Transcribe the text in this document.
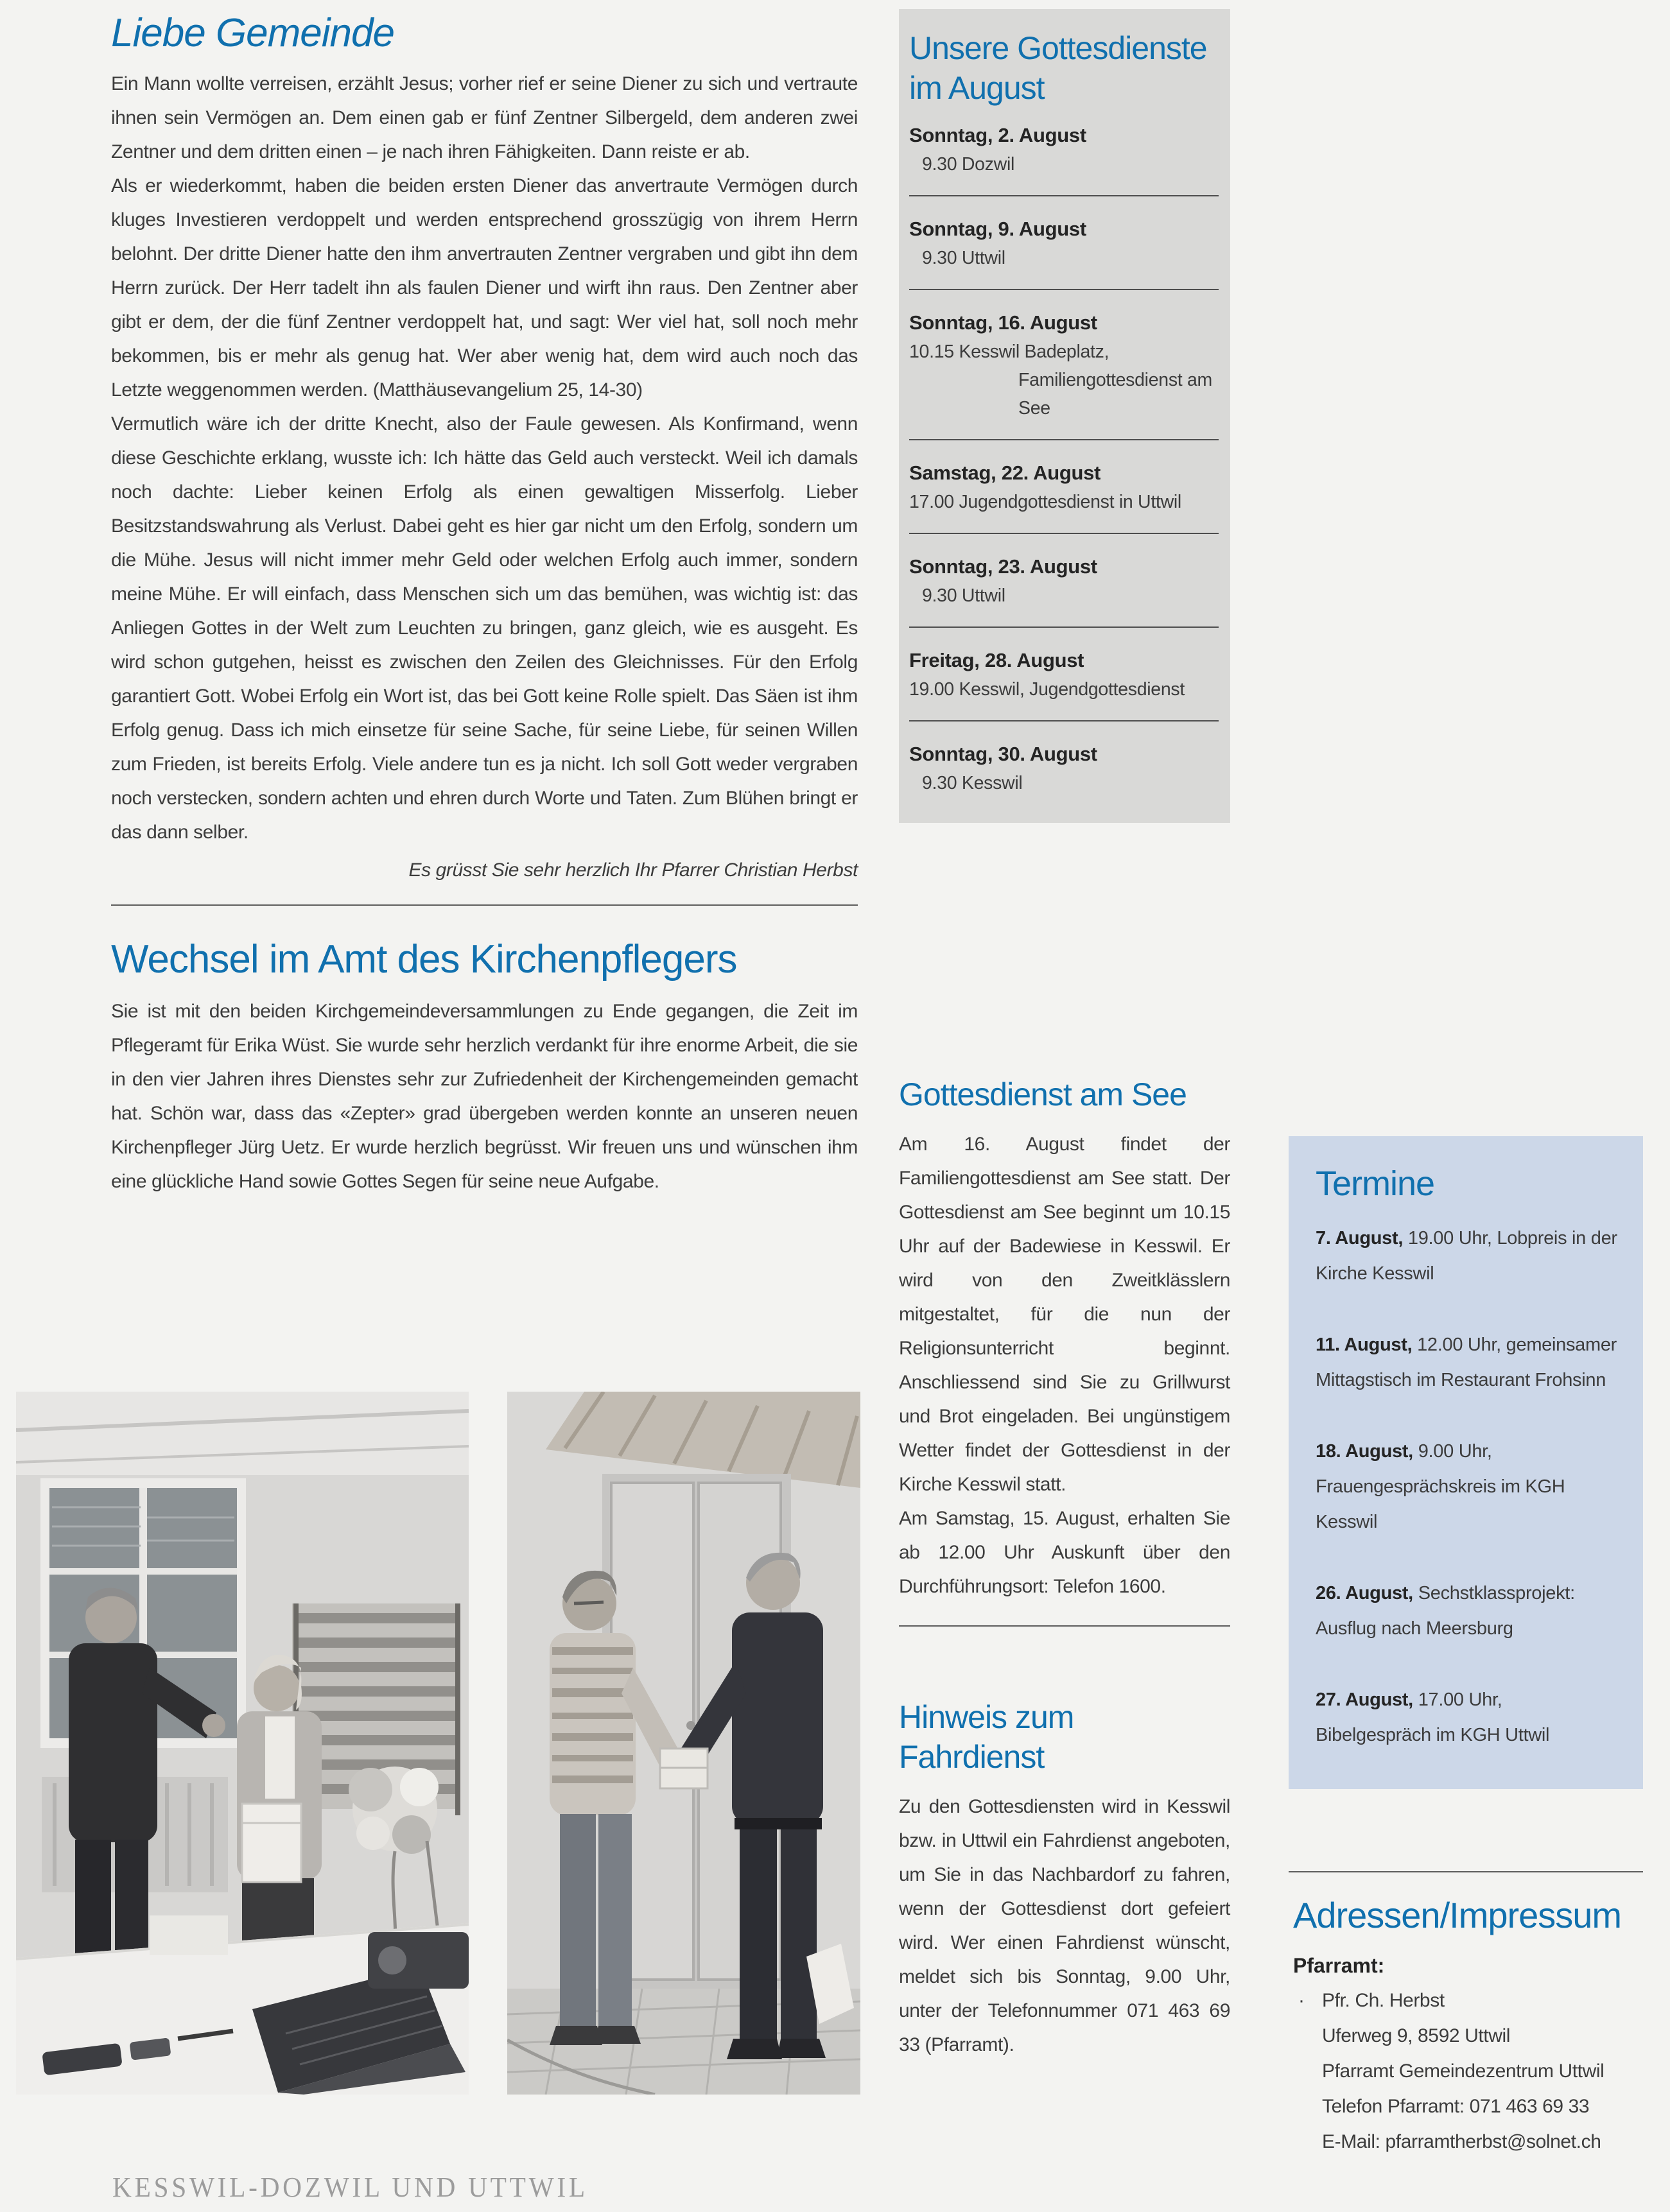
Liebe Gemeinde

Ein Mann wollte verreisen, erzählt Jesus; vorher rief er seine Diener zu sich und vertraute ihnen sein Vermögen an. Dem einen gab er fünf Zentner Silbergeld, dem anderen zwei Zentner und dem dritten einen – je nach ihren Fähigkeiten. Dann reiste er ab.

Als er wiederkommt, haben die beiden ersten Diener das anvertraute Vermögen durch kluges Investieren verdoppelt und werden entsprechend grosszügig von ihrem Herrn belohnt. Der dritte Diener hatte den ihm anvertrauten Zentner vergraben und gibt ihn dem Herrn zurück. Der Herr tadelt ihn als faulen Diener und wirft ihn raus. Den Zentner aber gibt er dem, der die fünf Zentner verdoppelt hat, und sagt: Wer viel hat, soll noch mehr bekommen, bis er mehr als genug hat. Wer aber wenig hat, dem wird auch noch das Letzte weggenommen werden. (Matthäusevangelium 25, 14-30)

Vermutlich wäre ich der dritte Knecht, also der Faule gewesen. Als Konfirmand, wenn diese Geschichte erklang, wusste ich: Ich hätte das Geld auch versteckt. Weil ich damals noch dachte: Lieber keinen Erfolg als einen gewaltigen Misserfolg. Lieber Besitzstandswahrung als Verlust. Dabei geht es hier gar nicht um den Erfolg, sondern um die Mühe. Jesus will nicht immer mehr Geld oder welchen Erfolg auch immer, sondern meine Mühe. Er will einfach, dass Menschen sich um das bemühen, was wichtig ist: das Anliegen Gottes in der Welt zum Leuchten zu bringen, ganz gleich, wie es ausgeht. Es wird schon gutgehen, heisst es zwischen den Zeilen des Gleichnisses. Für den Erfolg garantiert Gott. Wobei Erfolg ein Wort ist, das bei Gott keine Rolle spielt. Das Säen ist ihm Erfolg genug. Dass ich mich einsetze für seine Sache, für seine Liebe, für seinen Willen zum Frieden, ist bereits Erfolg. Viele andere tun es ja nicht. Ich soll Gott weder vergraben noch verstecken, sondern achten und ehren durch Worte und Taten. Zum Blühen bringt er das dann selber.

Es grüsst Sie sehr herzlich Ihr Pfarrer Christian Herbst

Wechsel im Amt des Kirchenpflegers

Sie ist mit den beiden Kirchgemeindeversammlungen zu Ende gegangen, die Zeit im Pflegeramt für Erika Wüst. Sie wurde sehr herzlich verdankt für ihre enorme Arbeit, die sie in den vier Jahren ihres Dienstes sehr zur Zufriedenheit der Kirchengemeinden gemacht hat. Schön war, dass das «Zepter» grad übergeben werden konnte an unseren neuen Kirchenpfleger Jürg Uetz. Er wurde herzlich begrüsst. Wir freuen uns und wünschen ihm eine glückliche Hand sowie Gottes Segen für seine neue Aufgabe.

Unsere Gottesdienste
im August
Sonntag, 2. August
9.30 Dozwil
Sonntag, 9. August
9.30 Uttwil
Sonntag, 16. August
10.15 Kesswil Badeplatz, Familiengottesdienst am See
Samstag, 22. August
17.00 Jugendgottesdienst in Uttwil
Sonntag, 23. August
9.30 Uttwil
Freitag, 28. August
19.00 Kesswil, Jugendgottesdienst
Sonntag, 30. August
9.30 Kesswil
Gottesdienst am See

Am 16. August findet der Familiengottesdienst am See statt. Der Gottesdienst am See beginnt um 10.15 Uhr auf der Badewiese in Kesswil. Er wird von den Zweitklässlern mitgestaltet, für die nun der Religionsunterricht beginnt. Anschliessend sind Sie zu Grillwurst und Brot eingeladen. Bei ungünstigem Wetter findet der Gottesdienst in der Kirche Kesswil statt.

Am Samstag, 15. August, erhalten Sie ab 12.00 Uhr Auskunft über den Durchführungsort: Telefon 1600.

Hinweis zum
Fahrdienst

Zu den Gottesdiensten wird in Kesswil bzw. in Uttwil ein Fahrdienst angeboten, um Sie in das Nachbardorf zu fahren, wenn der Gottesdienst dort gefeiert wird. Wer einen Fahrdienst wünscht, meldet sich bis Sonntag, 9.00 Uhr, unter der Telefonnummer 071 463 69 33 (Pfarramt).

Termine

7. August, 19.00 Uhr, Lobpreis in der Kirche Kesswil

11. August, 12.00 Uhr, gemeinsamer Mittagstisch im Restaurant Frohsinn

18. August, 9.00 Uhr, Frauengesprächskreis im KGH Kesswil

26. August, Sechstklassprojekt: Ausflug nach Meersburg

27. August, 17.00 Uhr, Bibelgespräch im KGH Uttwil

Adressen/Impressum

Pfarramt:

· Pfr. Ch. Herbst
Uferweg 9, 8592 Uttwil
Pfarramt Gemeindezentrum Uttwil
Telefon Pfarramt: 071 463 69 33
E-Mail: pfarramtherbst@solnet.ch
KESSWIL-DOZWIL UND UTTWIL
